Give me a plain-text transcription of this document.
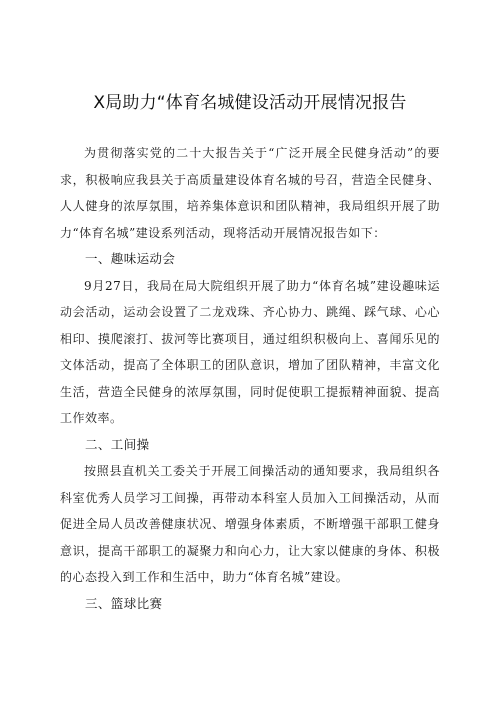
X局助力“体育名城健设活动开展情况报告

为贯彻落实党的二十大报告关于“广泛开展全民健身活动”的要求，积极响应我县关于高质量建设体育名城的号召，营造全民健身、人人健身的浓厚氛围，培养集体意识和团队精神，我局组织开展了助力“体育名城”建设系列活动，现将活动开展情况报告如下：

一、趣味运动会

9月27日，我局在局大院组织开展了助力“体育名城”建设趣味运动会活动，运动会设置了二龙戏珠、齐心协力、跳绳、踩气球、心心相印、摸爬滚打、拔河等比赛项目，通过组织积极向上、喜闻乐见的文体活动，提高了全体职工的团队意识，增加了团队精神，丰富文化生活，营造全民健身的浓厚氛围，同时促使职工提振精神面貌、提高工作效率。

二、工间操

按照县直机关工委关于开展工间操活动的通知要求，我局组织各科室优秀人员学习工间操，再带动本科室人员加入工间操活动，从而促进全局人员改善健康状况、增强身体素质，不断增强干部职工健身意识，提高干部职工的凝聚力和向心力，让大家以健康的身体、积极的心态投入到工作和生活中，助力“体育名城”建设。

三、篮球比赛
